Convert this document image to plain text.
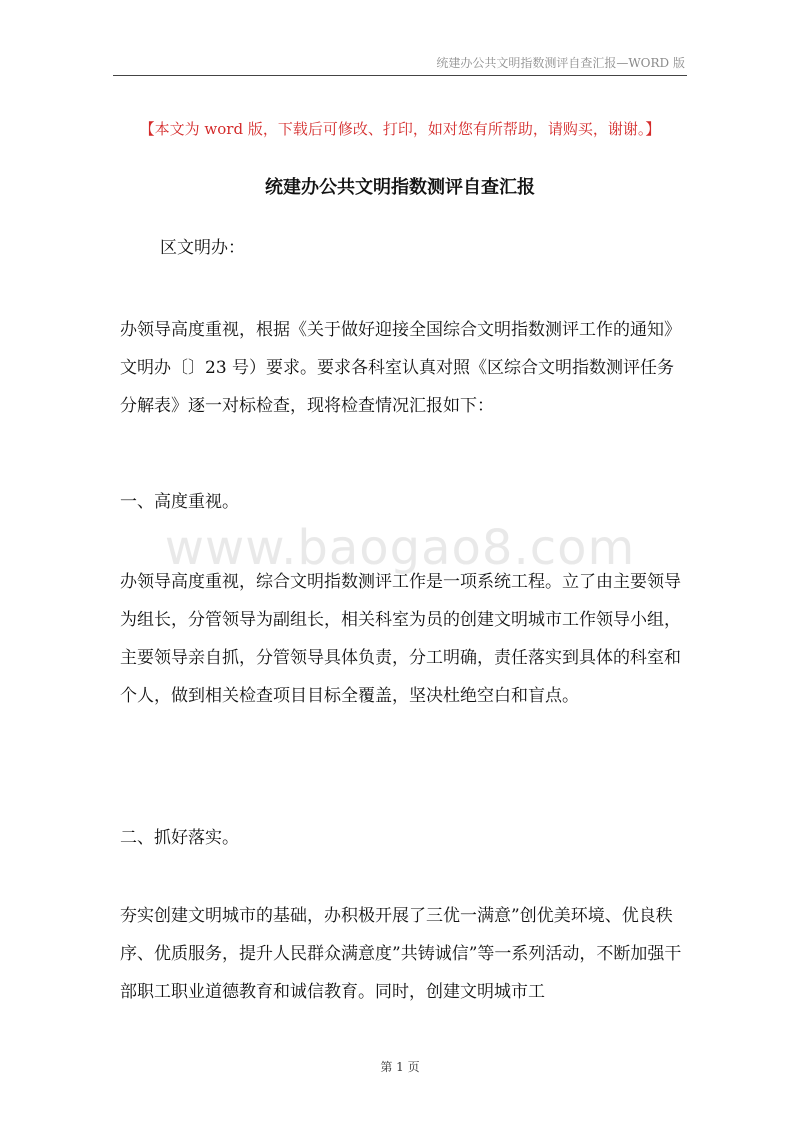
统建办公共文明指数测评自查汇报—WORD 版
【本文为 word 版，下载后可修改、打印，如对您有所帮助，请购买，谢谢。】
统建办公共文明指数测评自查汇报

区文明办：

办领导高度重视，根据《关于做好迎接全国综合文明指数测评工作的通知》文明办〔〕23 号）要求。要求各科室认真对照《区综合文明指数测评任务分解表》逐一对标检查，现将检查情况汇报如下：

一、高度重视。

www.baogao8.com

办领导高度重视，综合文明指数测评工作是一项系统工程。立了由主要领导为组长，分管领导为副组长，相关科室为员的创建文明城市工作领导小组，主要领导亲自抓，分管领导具体负责，分工明确，责任落实到具体的科室和个人，做到相关检查项目目标全覆盖，坚决杜绝空白和盲点。

二、抓好落实。

夯实创建文明城市的基础，办积极开展了三优一满意”创优美环境、优良秩序、优质服务，提升人民群众满意度”共铸诚信”等一系列活动，不断加强干部职工职业道德教育和诚信教育。同时，创建文明城市工

第 1 页
